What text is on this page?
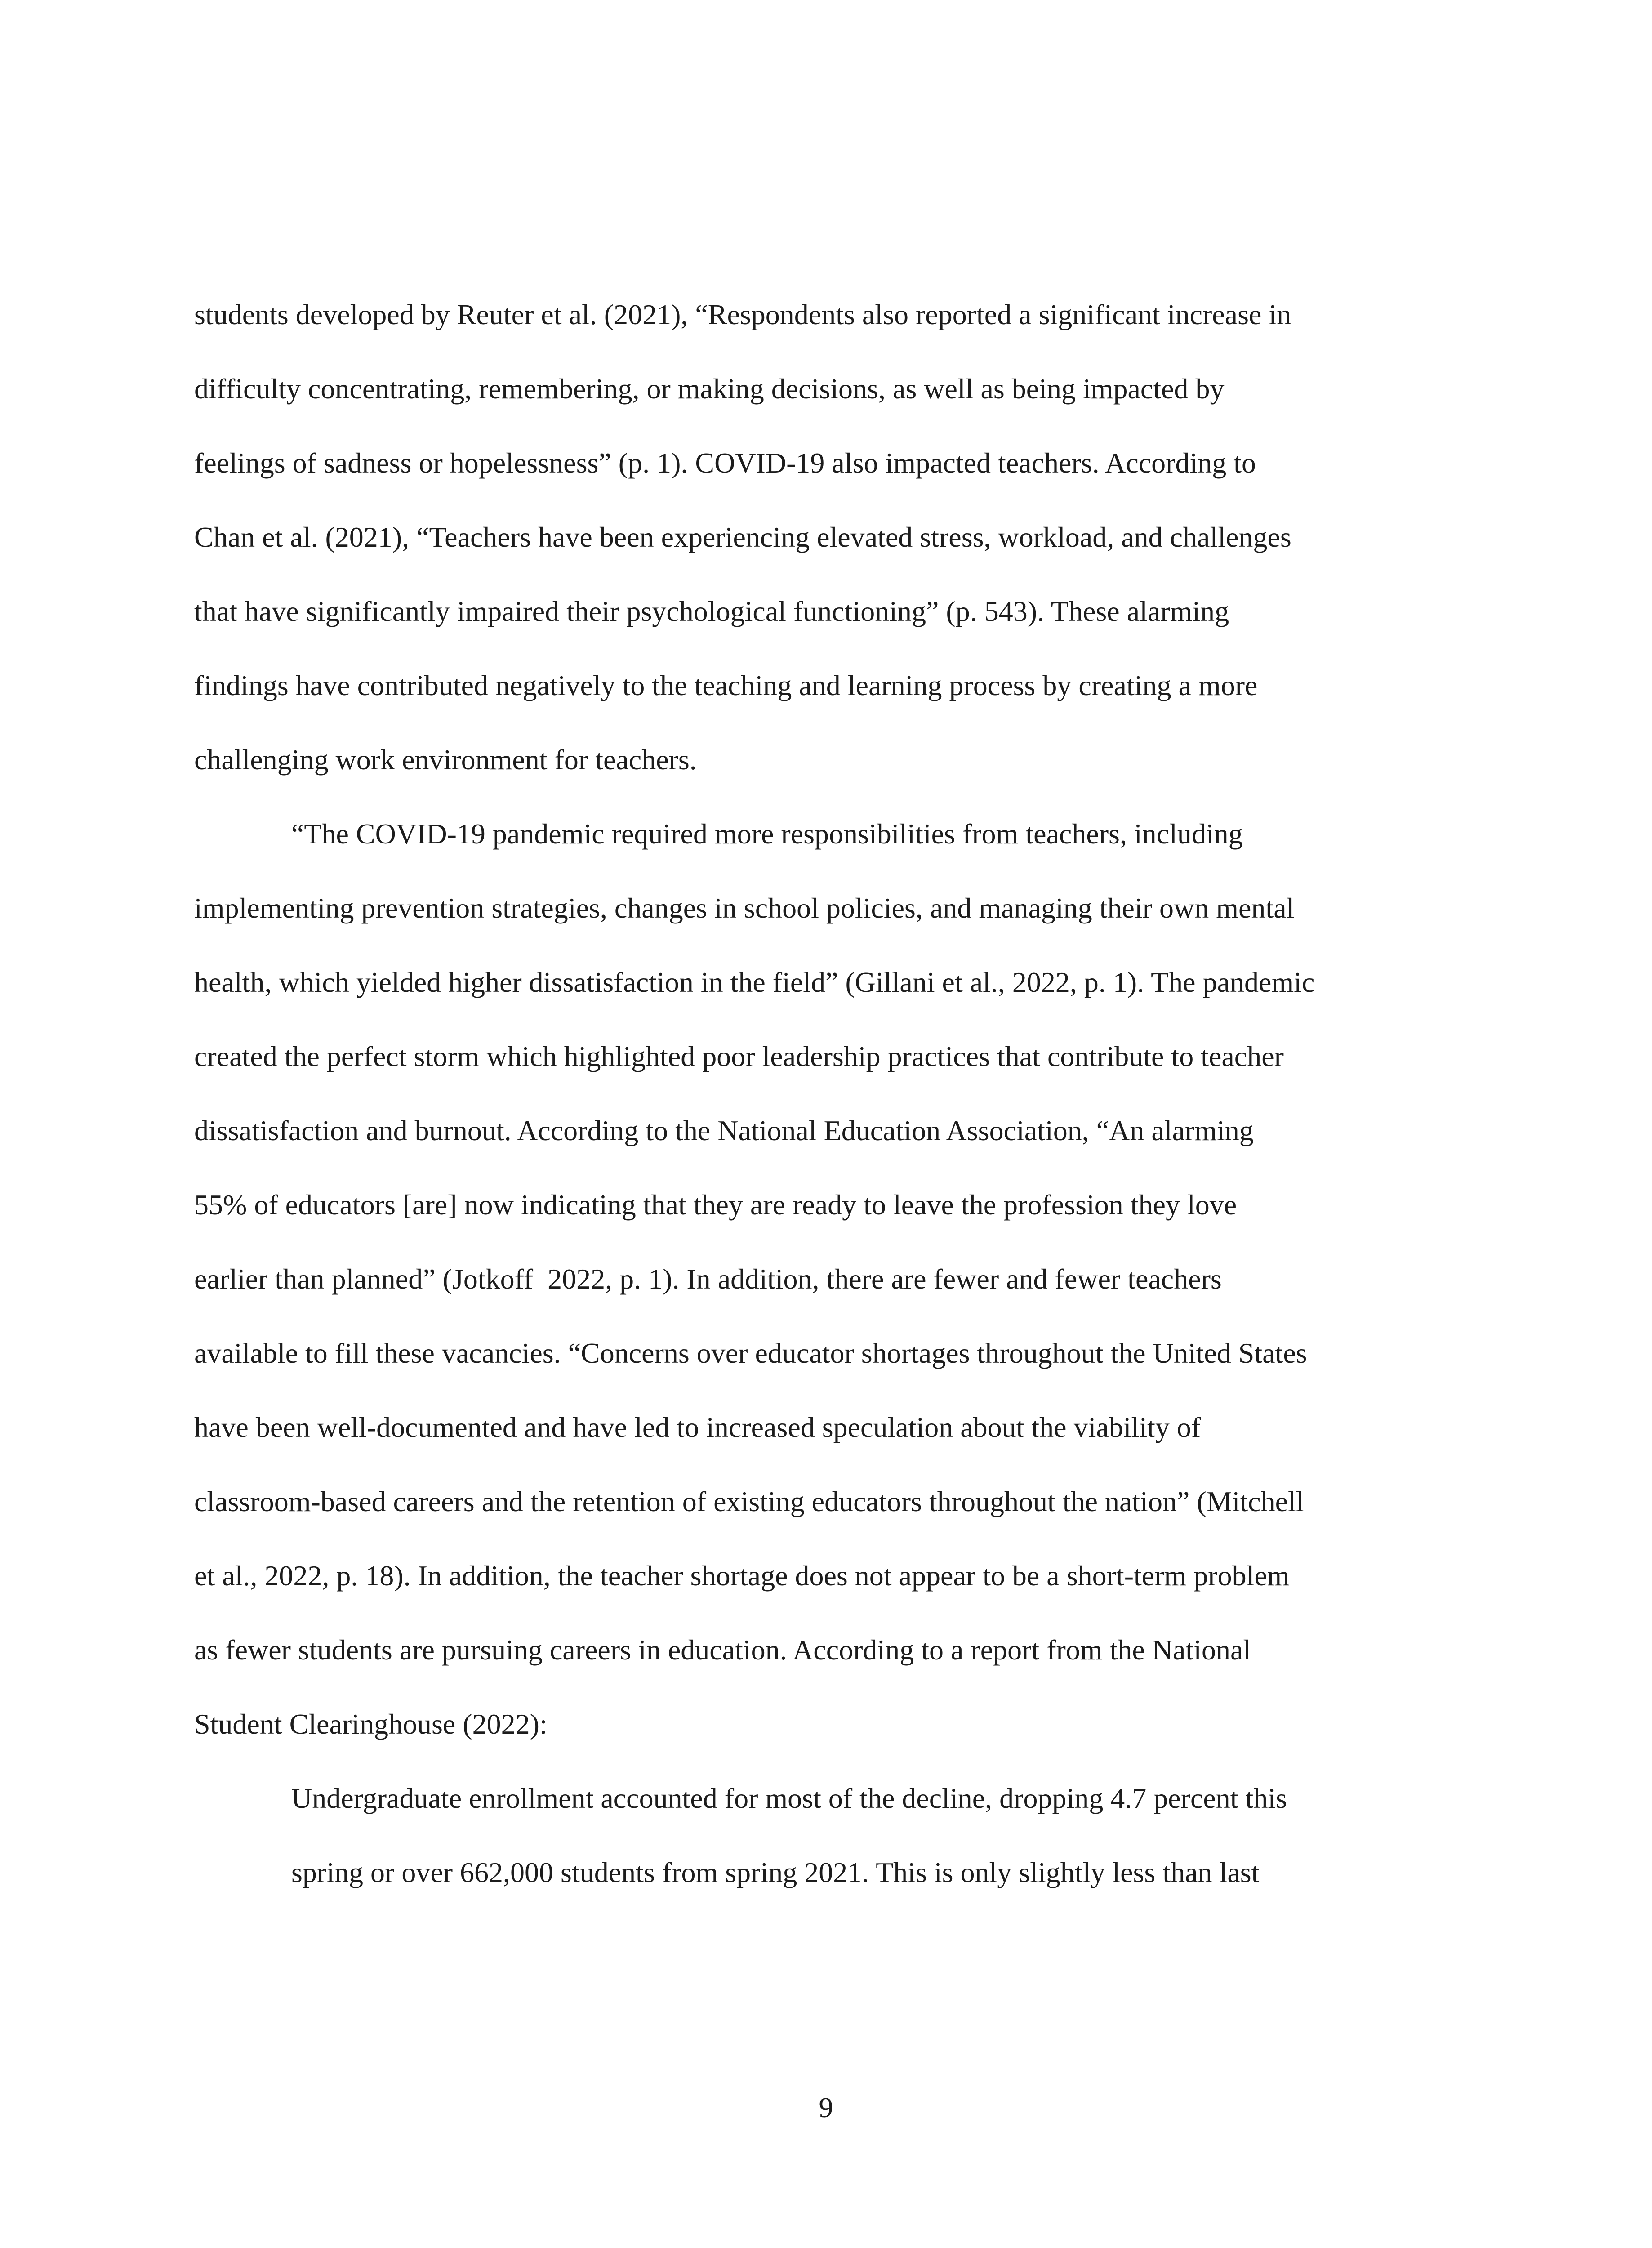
students developed by Reuter et al. (2021), “Respondents also reported a significant increase in
difficulty concentrating, remembering, or making decisions, as well as being impacted by
feelings of sadness or hopelessness” (p. 1). COVID-19 also impacted teachers. According to
Chan et al. (2021), “Teachers have been experiencing elevated stress, workload, and challenges
that have significantly impaired their psychological functioning” (p. 543). These alarming
findings have contributed negatively to the teaching and learning process by creating a more
challenging work environment for teachers.
“The COVID-19 pandemic required more responsibilities from teachers, including
implementing prevention strategies, changes in school policies, and managing their own mental
health, which yielded higher dissatisfaction in the field” (Gillani et al., 2022, p. 1). The pandemic
created the perfect storm which highlighted poor leadership practices that contribute to teacher
dissatisfaction and burnout. According to the National Education Association, “An alarming
55% of educators [are] now indicating that they are ready to leave the profession they love
earlier than planned” (Jotkoff  2022, p. 1). In addition, there are fewer and fewer teachers
available to fill these vacancies. “Concerns over educator shortages throughout the United States
have been well-documented and have led to increased speculation about the viability of
classroom-based careers and the retention of existing educators throughout the nation” (Mitchell
et al., 2022, p. 18). In addition, the teacher shortage does not appear to be a short-term problem
as fewer students are pursuing careers in education. According to a report from the National
Student Clearinghouse (2022):
Undergraduate enrollment accounted for most of the decline, dropping 4.7 percent this
spring or over 662,000 students from spring 2021. This is only slightly less than last
9
